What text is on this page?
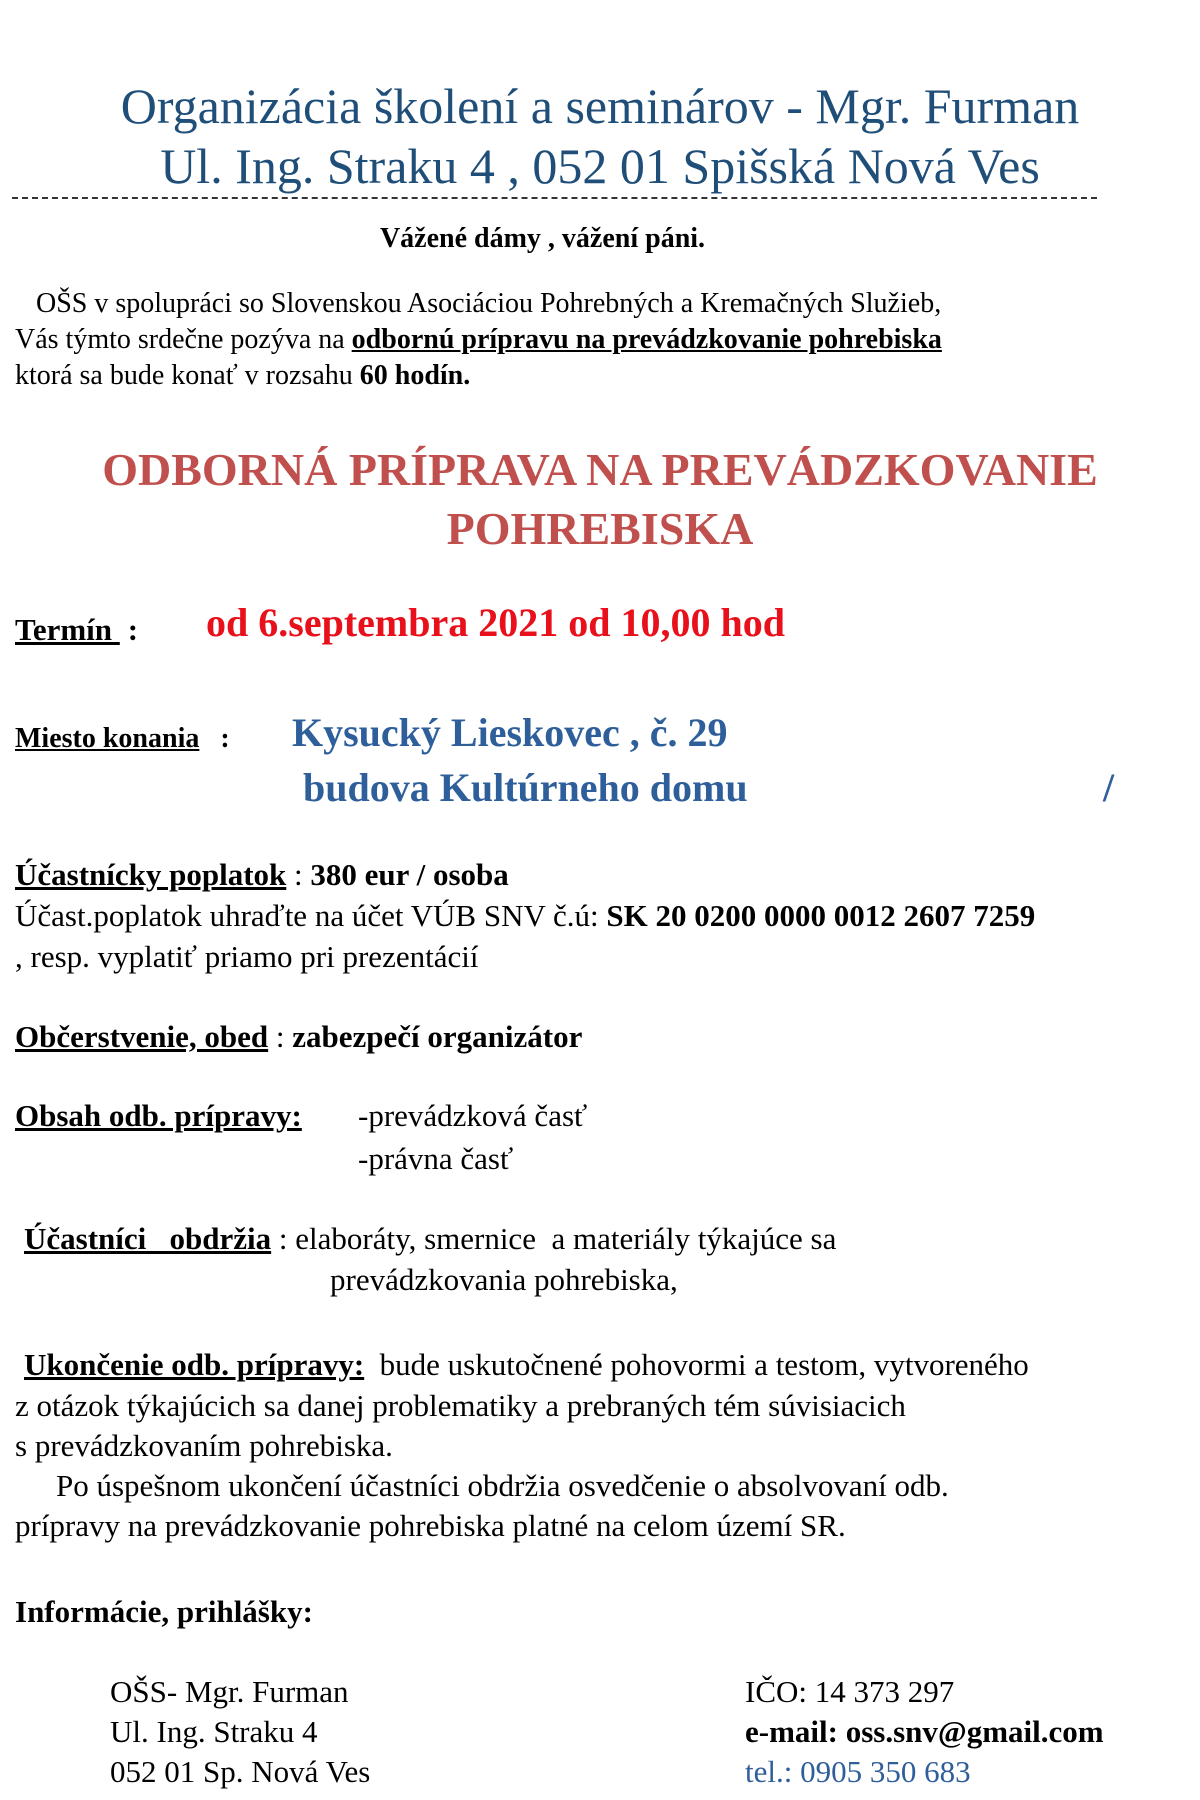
Organizácia školení a seminárov - Mgr. Furman
Ul. Ing. Straku 4 , 052 01 Spišská Nová Ves
Vážené dámy , vážení páni.
OŠS v spolupráci so Slovenskou Asociáciou Pohrebných a Kremačných Služieb,
Vás týmto srdečne pozýva na odbornú prípravu na prevádzkovanie pohrebiska
ktorá sa bude konať v rozsahu 60 hodín.
ODBORNÁ PRÍPRAVA NA PREVÁDZKOVANIE
POHREBISKA
Termín : od 6.septembra 2021 od 10,00 hod
Miesto konania : Kysucký Lieskovec , č. 29
budova Kultúrneho domu	/
Účastnícky poplatok : 380 eur / osoba
Účast.poplatok uhraďte na účet VÚB SNV č.ú: SK 20 0200 0000 0012 2607 7259
, resp. vyplatiť priamo pri prezentácií
Občerstvenie, obed : zabezpečí organizátor
Obsah odb. prípravy: -prevádzková časť
-právna časť
Účastníci   obdržia : elaboráty, smernice  a materiály týkajúce sa
prevádzkovania pohrebiska,
Ukončenie odb. prípravy:  bude uskutočnené pohovormi a testom, vytvoreného
z otázok týkajúcich sa danej problematiky a prebraných tém súvisiacich
s prevádzkovaním pohrebiska.
Po úspešnom ukončení účastníci obdržia osvedčenie o absolvovaní odb.
prípravy na prevádzkovanie pohrebiska platné na celom území SR.
Informácie, prihlášky:
OŠS- Mgr. Furman
Ul. Ing. Straku 4
052 01 Sp. Nová Ves
IČO: 14 373 297
e-mail: oss.snv@gmail.com
tel.: 0905 350 683
